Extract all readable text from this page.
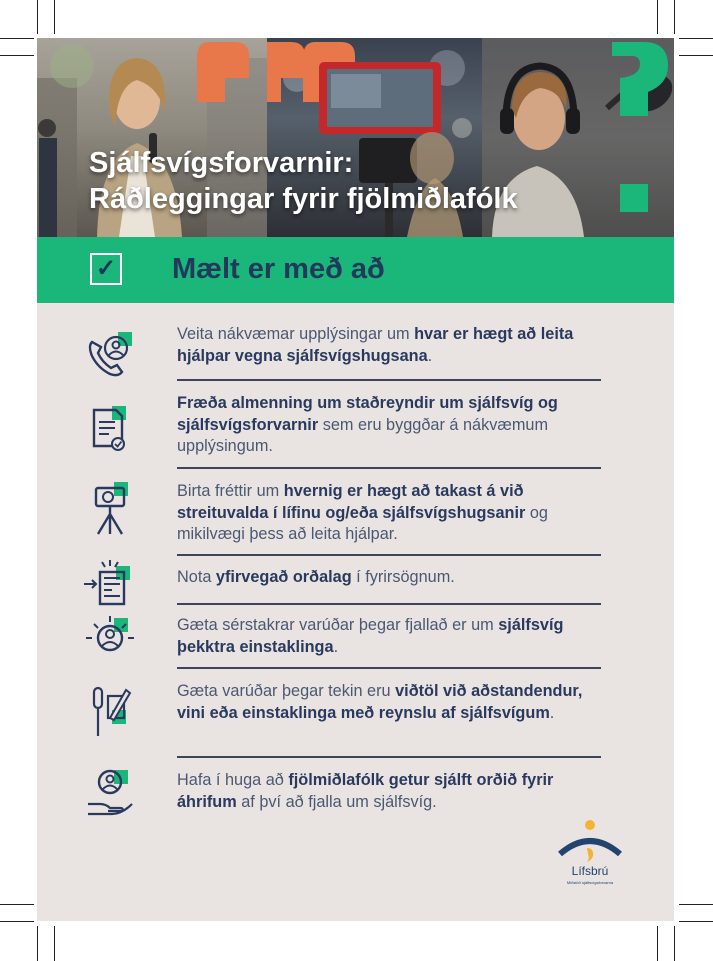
Sjálfsvígsforvarnir:
Ráðleggingar fyrir fjölmiðlafólk
✓ Mælt er með að

Veita nákvæmar upplýsingar um hvar er hægt að leita hjálpar vegna sjálfsvígshugsana.

Fræða almenning um staðreyndir um sjálfsvíg og sjálfsvígsforvarnir sem eru byggðar á nákvæmum upplýsingum.

Birta fréttir um hvernig er hægt að takast á við streituvalda í lífinu og/eða sjálfsvígshugsanir og mikilvægi þess að leita hjálpar.

Nota yfirvegað orðalag í fyrirsögnum.

Gæta sérstakrar varúðar þegar fjallað er um sjálfsvíg þekktra einstaklinga.

Gæta varúðar þegar tekin eru viðtöl við aðstandendur, vini eða einstaklinga með reynslu af sjálfsvígum.

Hafa í huga að fjölmiðlafólk getur sjálft orðið fyrir áhrifum af því að fjalla um sjálfsvíg.

Lífsbrú

Miðstöð sjálfsvígsforvarna
